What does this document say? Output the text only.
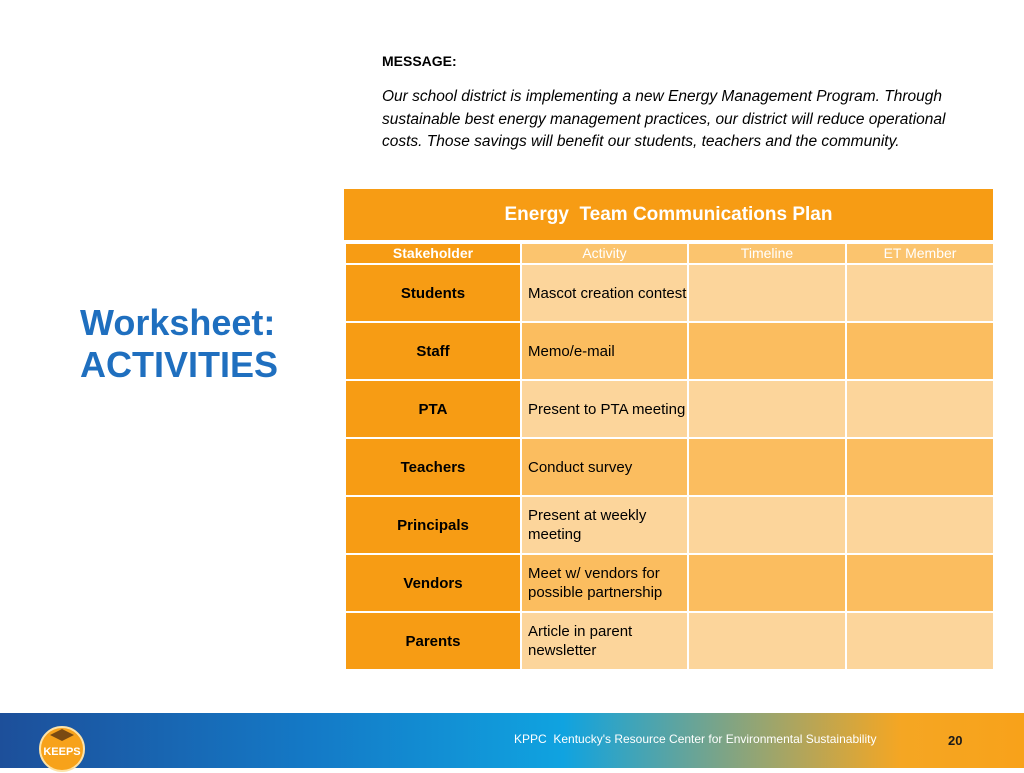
Worksheet:
ACTIVITIES
MESSAGE:
Our school district is implementing a new Energy Management Program. Through sustainable best energy management practices, our district will reduce operational costs. Those savings will benefit our students, teachers and the community.
Energy  Team Communications Plan
Stakeholder	Activity	Timeline	ET Member
Students	Mascot creation contest		
Staff	Memo/e-mail		
PTA	Present to PTA meeting		
Teachers	Conduct survey		
Principals	Present at weekly meeting		
Vendors	Meet w/ vendors for possible partnership		
Parents	Article in parent newsletter		
KEEPS
KPPC  Kentucky's Resource Center for Environmental Sustainability	20
